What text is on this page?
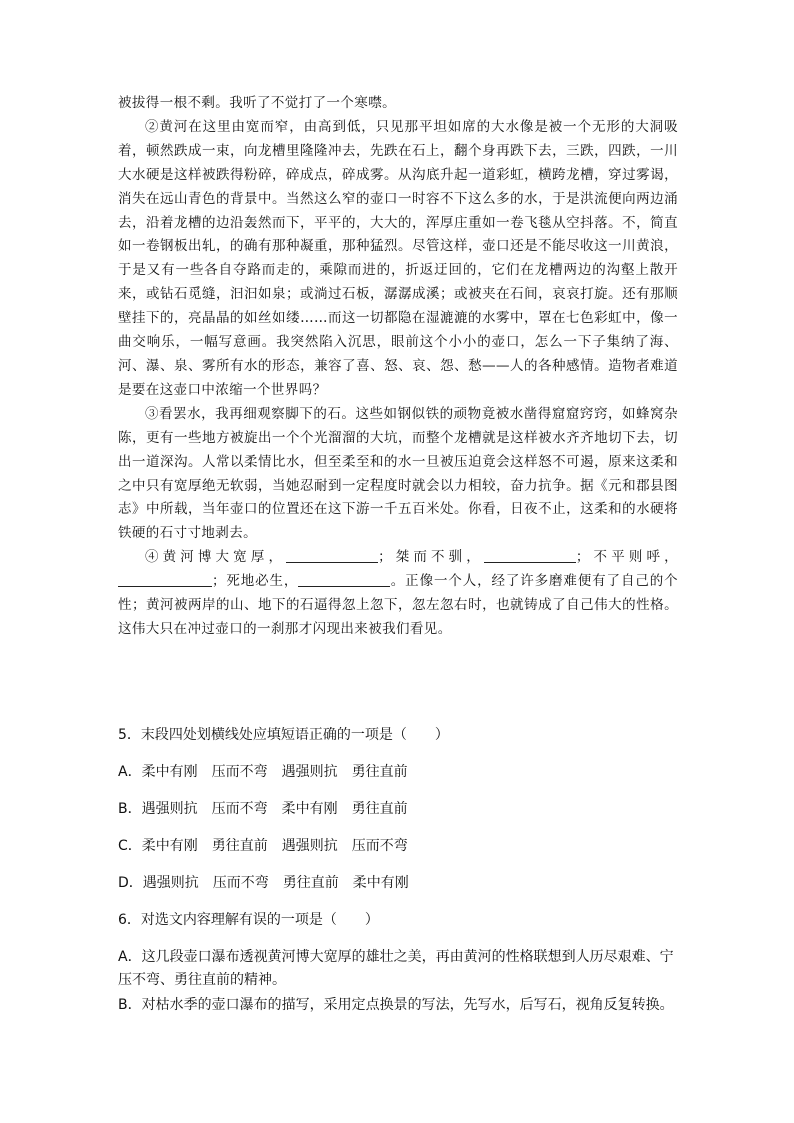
被拔得一根不剩。我听了不觉打了一个寒噤。

②黄河在这里由宽而窄，由高到低，只见那平坦如席的大水像是被一个无形的大洞吸着，顿然跌成一束，向龙槽里隆隆冲去，先跌在石上，翻个身再跌下去，三跌，四跌，一川大水硬是这样被跌得粉碎，碎成点，碎成雾。从沟底升起一道彩虹，横跨龙槽，穿过雾谒，消失在远山青色的背景中。当然这么窄的壶口一时容不下这么多的水，于是洪流便向两边涌去，沿着龙槽的边沿轰然而下，平平的，大大的，浑厚庄重如一卷飞毯从空抖落。不，简直如一卷钢板出轧，的确有那种凝重，那种猛烈。尽管这样，壶口还是不能尽收这一川黄浪，于是又有一些各自夺路而走的，乘隙而进的，折返迂回的，它们在龙槽两边的沟壑上散开来，或钻石觅缝，汩汩如泉；或淌过石板，潺潺成溪；或被夹在石间，哀哀打旋。还有那顺壁挂下的，亮晶晶的如丝如缕……而这一切都隐在湿漉漉的水雾中，罩在七色彩虹中，像一曲交响乐，一幅写意画。我突然陷入沉思，眼前这个小小的壶口，怎么一下子集纳了海、河、瀑、泉、雾所有水的形态，兼容了喜、怒、哀、怨、愁——人的各种感情。造物者难道是要在这壶口中浓缩一个世界吗？

③看罢水，我再细观察脚下的石。这些如钢似铁的顽物竟被水凿得窟窟窍窍，如蜂窝杂陈，更有一些地方被旋出一个个光溜溜的大坑，而整个龙槽就是这样被水齐齐地切下去，切出一道深沟。人常以柔情比水，但至柔至和的水一旦被压迫竟会这样怒不可遏，原来这柔和之中只有宽厚绝无软弱，当她忍耐到一定程度时就会以力相较，奋力抗争。据《元和郡县图志》中所载，当年壶口的位置还在这下游一千五百米处。你看，日夜不止，这柔和的水硬将铁硬的石寸寸地剥去。

④黄河博大宽厚，	；桀而不驯，	；不平则呼，；死地必生，	。正像一个人，经了许多磨难便有了自己的个性；黄河被两岸的山、地下的石逼得忽上忽下，忽左忽右时，也就铸成了自己伟大的性格。这伟大只在冲过壶口的一刹那才闪现出来被我们看见。

5．末段四处划横线处应填短语正确的一项是（　　）
A．柔中有刚　压而不弯　遇强则抗　勇往直前
B．遇强则抗　压而不弯　柔中有刚　勇往直前
C．柔中有刚　勇往直前　遇强则抗　压而不弯
D．遇强则抗　压而不弯　勇往直前　柔中有刚
6．对选文内容理解有误的一项是（　　）
A．这几段壶口瀑布透视黄河博大宽厚的雄壮之美，再由黄河的性格联想到人历尽艰难、宁压不弯、勇往直前的精神。
B．对枯水季的壶口瀑布的描写，采用定点换景的写法，先写水，后写石，视角反复转换。
